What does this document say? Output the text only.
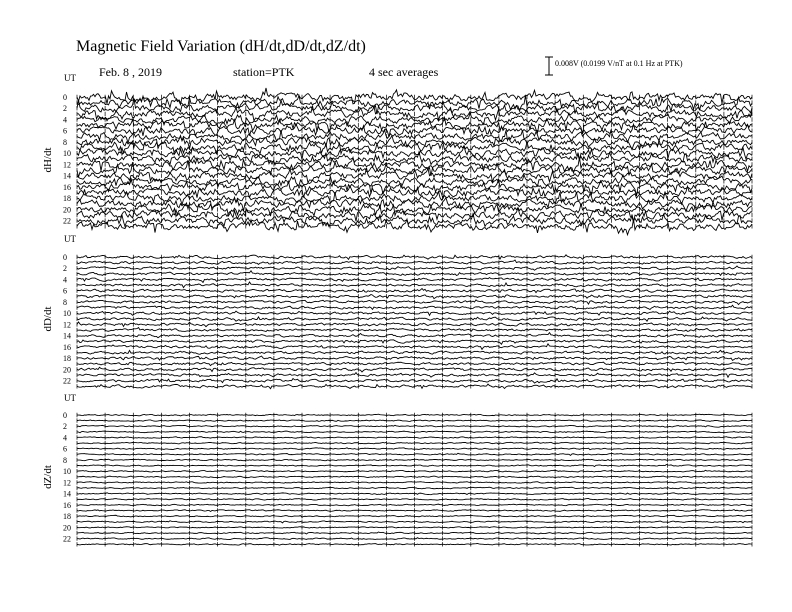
Magnetic Field Variation (dH/dt,dD/dt,dZ/dt)
Feb. 8 , 2019	station=PTK	4 sec averages
0.008V (0.0199 V/nT at 0.1 Hz at PTK)
UT
dH/dt
0
2
4
6
8
10
12
14
16
18
20
22
UT
dD/dt
0
2
4
6
8
10
12
14
16
18
20
22
UT
dZ/dt
0
2
4
6
8
10
12
14
16
18
20
22
